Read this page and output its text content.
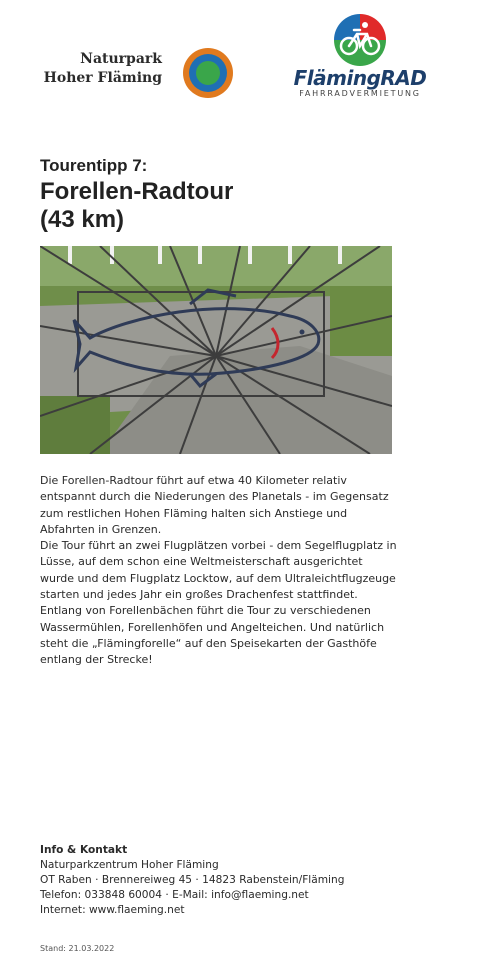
Naturpark
Hoher Fläming	FlämingRAD
FAHRRADVERMIETUNG
Tourentipp 7:
Forellen-Radtour
(43 km)

Die Forellen-Radtour führt auf etwa 40 Kilometer relativ entspannt durch die Niederungen des Planetals - im Gegensatz zum restlichen Hohen Fläming halten sich Anstiege und Abfahrten in Grenzen.

Die Tour führt an zwei Flugplätzen vorbei - dem Segelflugplatz in Lüsse, auf dem schon eine Weltmeisterschaft ausgerichtet wurde und dem Flugplatz Locktow, auf dem Ultraleichtflugzeuge starten und jedes Jahr ein großes Drachenfest stattfindet. Entlang von Forellenbächen führt die Tour zu verschiedenen Wassermühlen, Forellenhöfen und Angelteichen. Und natürlich steht die „Flämingforelle“ auf den Speisekarten der Gasthöfe entlang der Strecke!

Info & Kontakt
Naturparkzentrum Hoher Fläming
OT Raben · Brennereiweg 45 · 14823 Rabenstein/Fläming
Telefon: 033848 60004 · E-Mail: info@flaeming.net
Internet: www.flaeming.net
Stand: 21.03.2022
